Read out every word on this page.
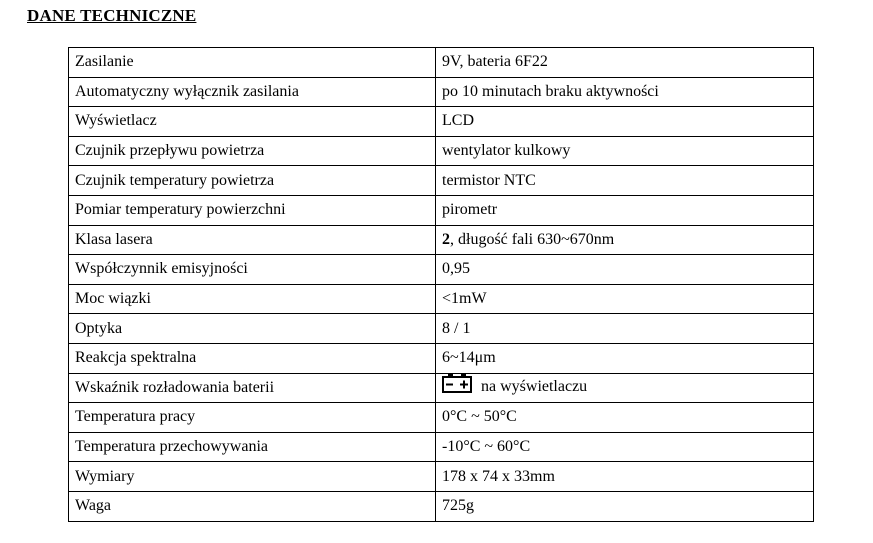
DANE TECHNICZNE
Zasilanie	9V, bateria 6F22
Automatyczny wyłącznik zasilania	po 10 minutach braku aktywności
Wyświetlacz	LCD
Czujnik przepływu powietrza	wentylator kulkowy
Czujnik temperatury powietrza	termistor NTC
Pomiar temperatury powierzchni	pirometr
Klasa lasera	2, długość fali 630~670nm
Współczynnik emisyjności	0,95
Moc wiązki	<1mW
Optyka	8 / 1
Reakcja spektralna	6~14μm
Wskaźnik rozładowania baterii	na wyświetlaczu
Temperatura pracy	0°C ~ 50°C
Temperatura przechowywania	-10°C ~ 60°C
Wymiary	178 x 74 x 33mm
Waga	725g
